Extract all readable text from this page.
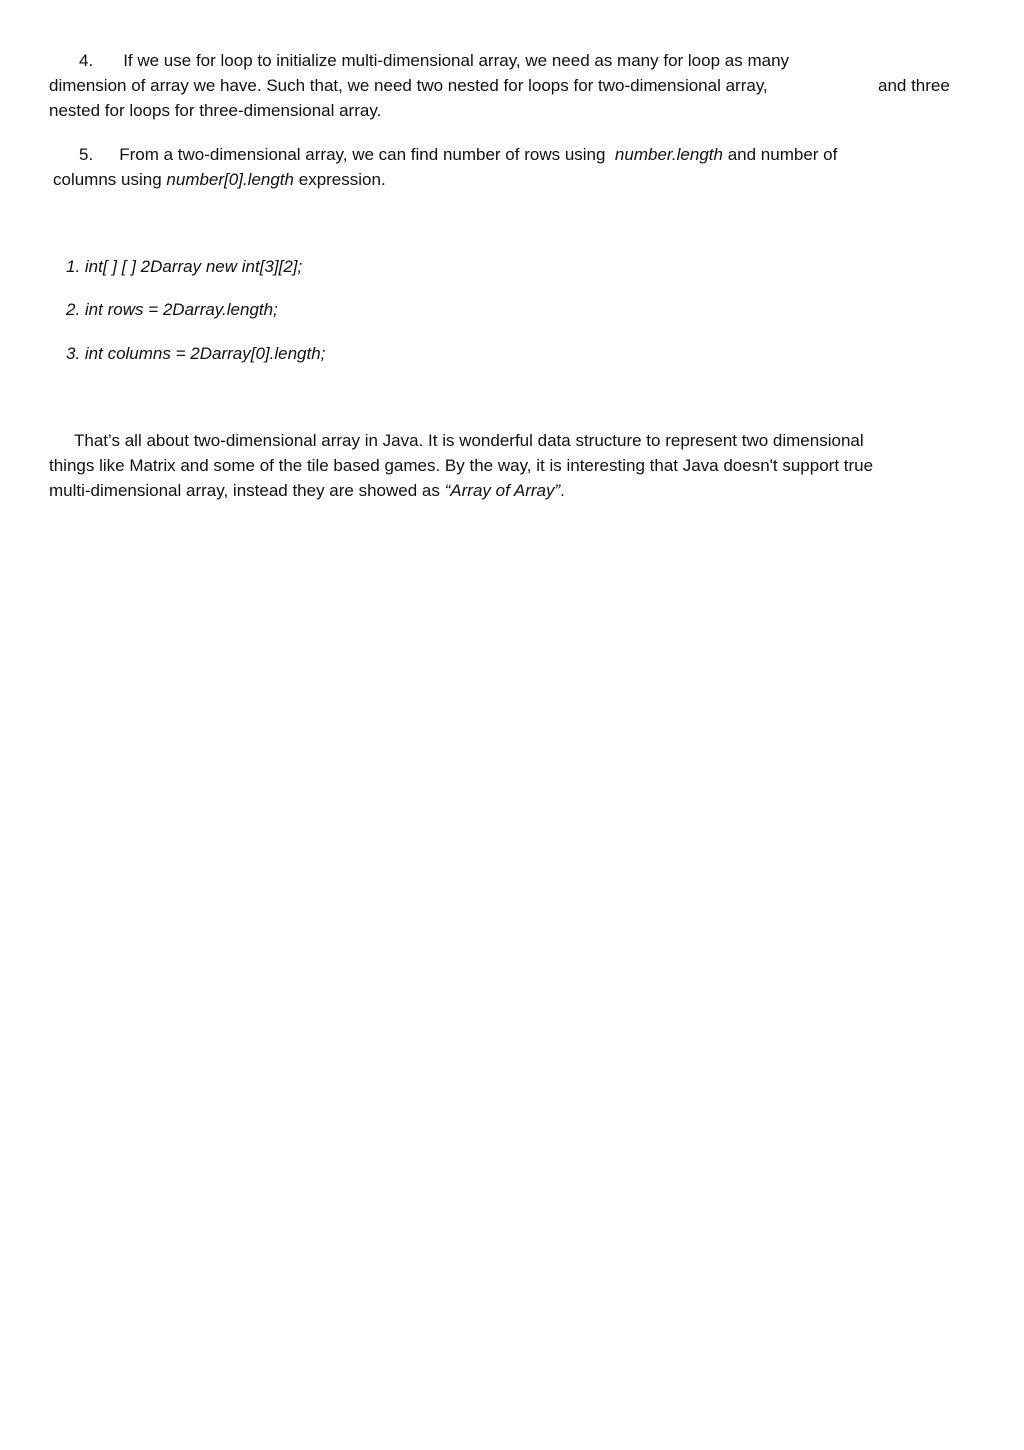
4. If we use for loop to initialize multi-dimensional array, we need as many for loop as many
dimension of array we have. Such that, we need two nested for loops for two-dimensional array,	and three
nested for loops for three-dimensional array.
5. From a two-dimensional array, we can find number of rows using number.length and number of
columns using number[0].length expression.
1. int[ ] [ ] 2Darray new int[3][2];
2. int rows = 2Darray.length;
3. int columns = 2Darray[0].length;
That’s all about two-dimensional array in Java. It is wonderful data structure to represent two dimensional
things like Matrix and some of the tile based games. By the way, it is interesting that Java doesn't support true
multi-dimensional array, instead they are showed as “Array of Array”.
